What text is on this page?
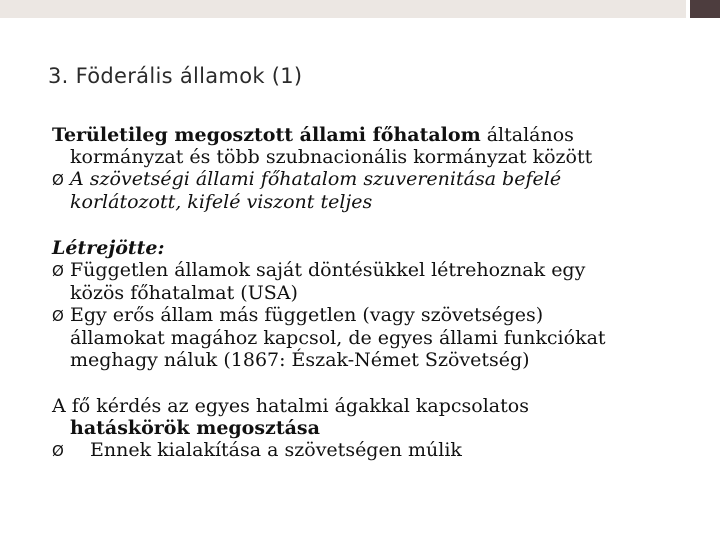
3. Föderális államok (1)
Területileg megosztott állami főhatalom általános
kormányzat és több szubnacionális kormányzat között
Ø A szövetségi állami főhatalom szuverenitása befelé
korlátozott, kifelé viszont teljes
Létrejötte:
Ø Független államok saját döntésükkel létrehoznak egy
közös főhatalmat (USA)
Ø Egy erős állam más független (vagy szövetséges)
államokat magához kapcsol, de egyes állami funkciókat
meghagy náluk (1867: Észak-Német Szövetség)
A fő kérdés az egyes hatalmi ágakkal kapcsolatos
hatáskörök megosztása
Ø Ennek kialakítása a szövetségen múlik
